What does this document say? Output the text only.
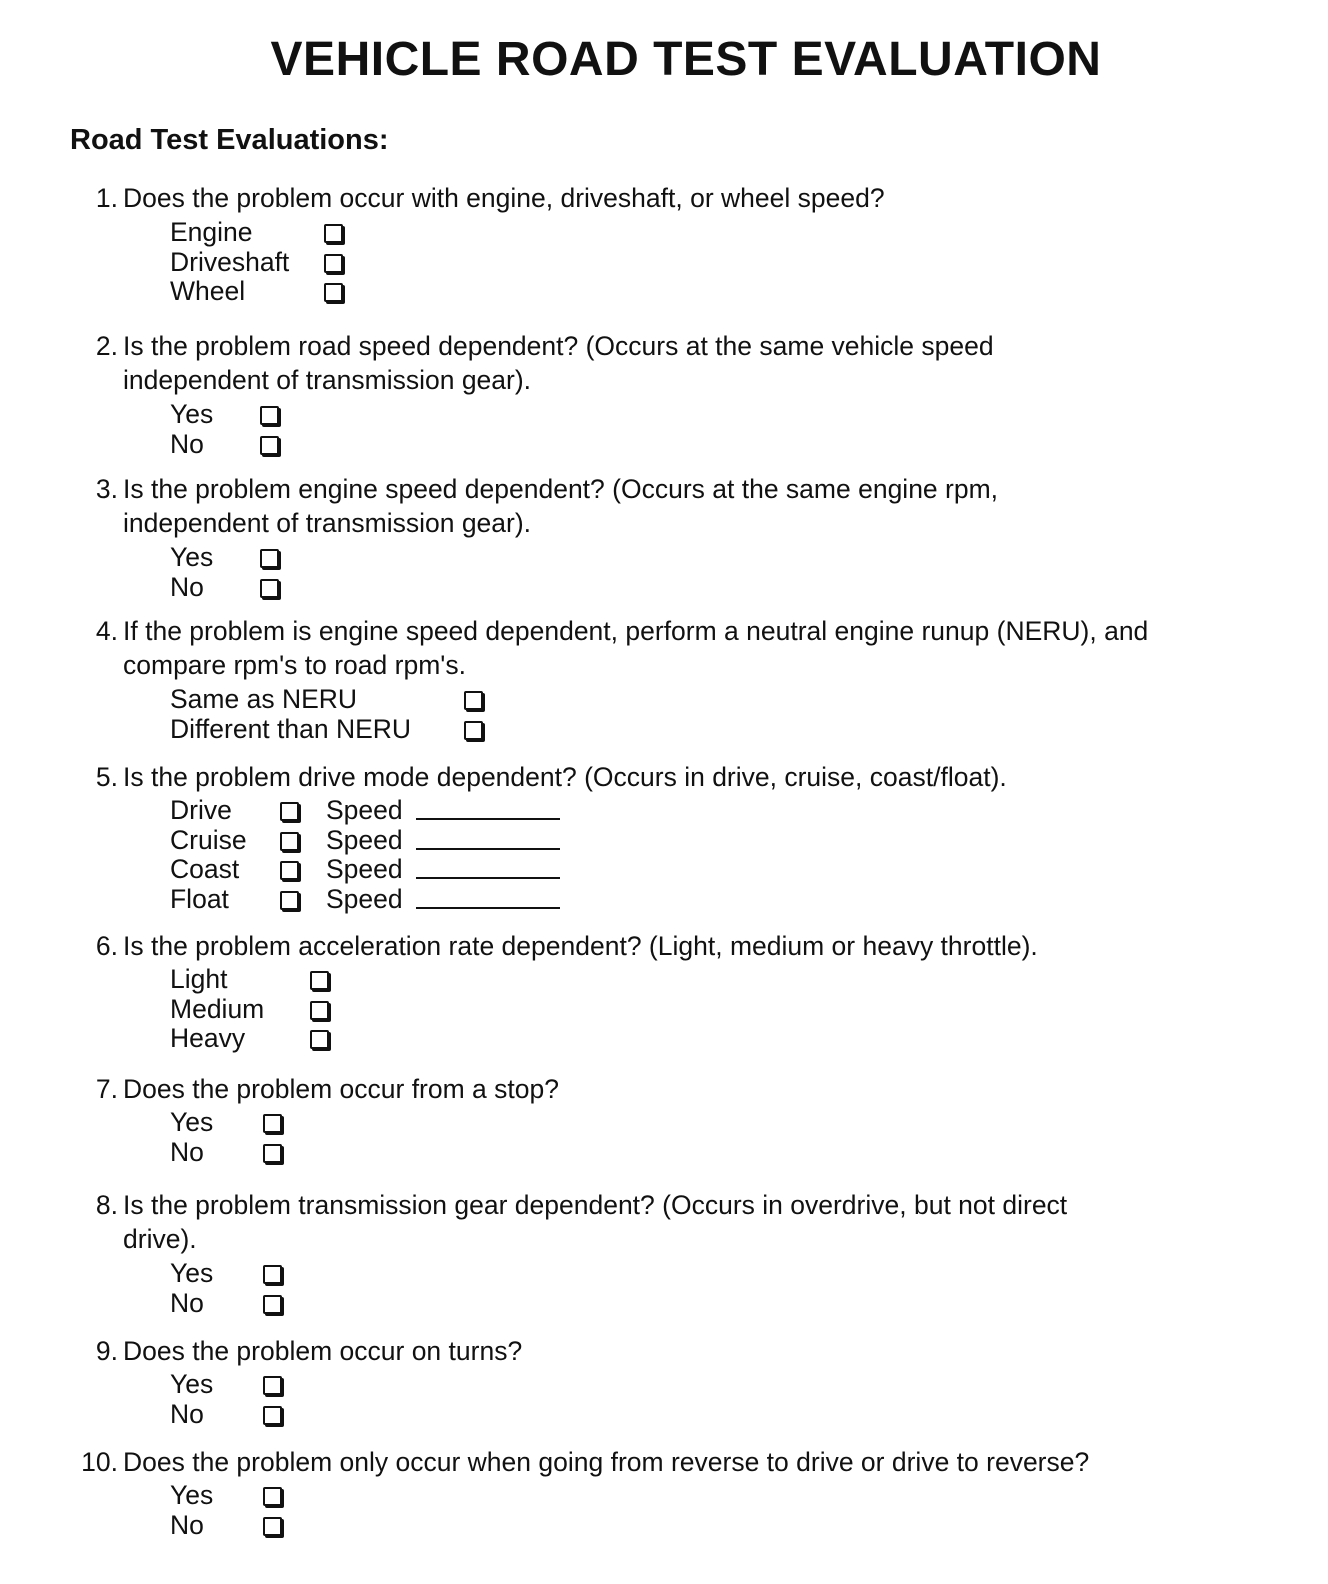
VEHICLE ROAD TEST EVALUATION
Road Test Evaluations:
1. Does the problem occur with engine, driveshaft, or wheel speed?
Engine
Driveshaft
Wheel
2. Is the problem road speed dependent? (Occurs at the same vehicle speed independent of transmission gear).
Yes
No
3. Is the problem engine speed dependent? (Occurs at the same engine rpm, independent of transmission gear).
Yes
No
4. If the problem is engine speed dependent, perform a neutral engine runup (NERU), and compare rpm's to road rpm's.
Same as NERU
Different than NERU
5. Is the problem drive mode dependent? (Occurs in drive, cruise, coast/float).
Drive	Speed
Cruise	Speed
Coast	Speed
Float	Speed
6. Is the problem acceleration rate dependent? (Light, medium or heavy throttle).
Light
Medium
Heavy
7. Does the problem occur from a stop?
Yes
No
8. Is the problem transmission gear dependent? (Occurs in overdrive, but not direct drive).
Yes
No
9. Does the problem occur on turns?
Yes
No
10. Does the problem only occur when going from reverse to drive or drive to reverse?
Yes
No
